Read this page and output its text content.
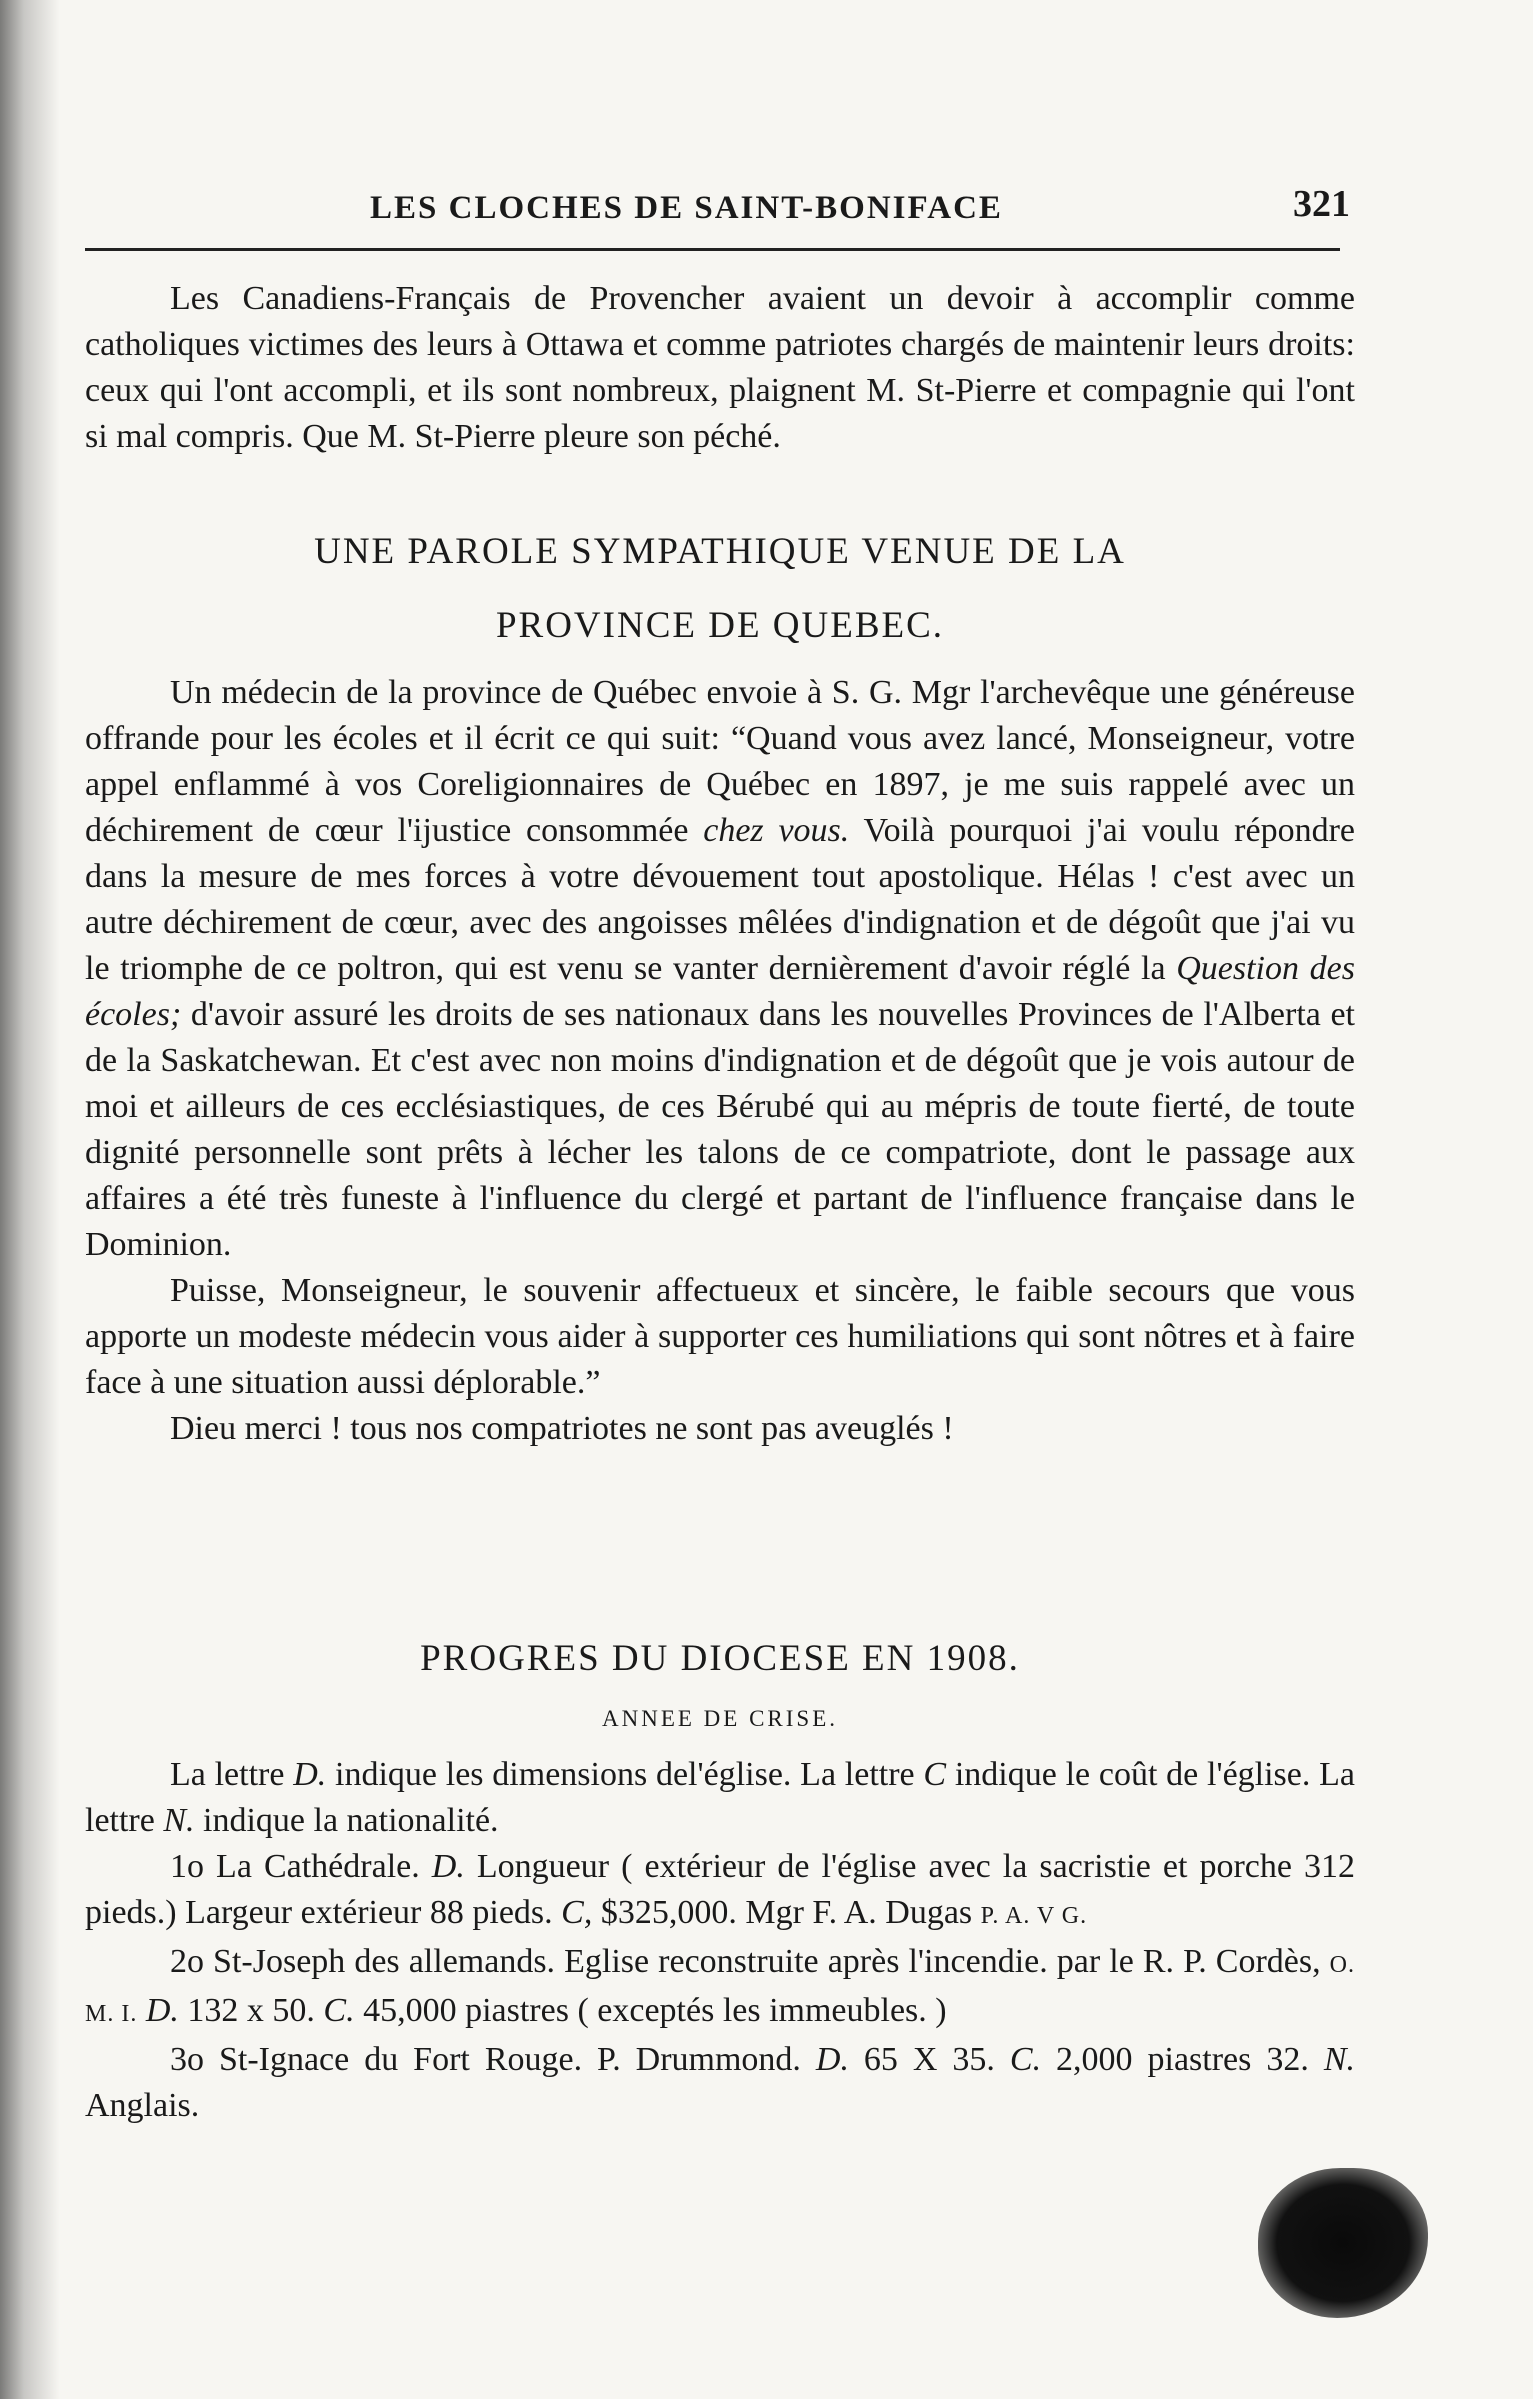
LES CLOCHES DE SAINT-BONIFACE	321

Les Canadiens-Français de Provencher avaient un devoir à accomplir comme catholiques victimes des leurs à Ottawa et comme patriotes chargés de maintenir leurs droits: ceux qui l'ont accompli, et ils sont nombreux, plaignent M. St-Pierre et compagnie qui l'ont si mal compris. Que M. St-Pierre pleure son péché.

UNE PAROLE SYMPATHIQUE VENUE DE LA
PROVINCE DE QUEBEC.

Un médecin de la province de Québec envoie à S. G. Mgr l'archevêque une généreuse offrande pour les écoles et il écrit ce qui suit: “Quand vous avez lancé, Monseigneur, votre appel enflammé à vos Coreligionnaires de Québec en 1897, je me suis rappelé avec un déchirement de cœur l'ijustice consommée chez vous. Voilà pourquoi j'ai voulu répondre dans la mesure de mes forces à votre dévouement tout apostolique. Hélas ! c'est avec un autre déchirement de cœur, avec des angoisses mêlées d'indignation et de dégoût que j'ai vu le triomphe de ce poltron, qui est venu se vanter dernièrement d'avoir réglé la Question des écoles; d'avoir assuré les droits de ses nationaux dans les nouvelles Provinces de l'Alberta et de la Saskatchewan. Et c'est avec non moins d'indignation et de dégoût que je vois autour de moi et ailleurs de ces ecclésiastiques, de ces Bérubé qui au mépris de toute fierté, de toute dignité personnelle sont prêts à lécher les talons de ce compatriote, dont le passage aux affaires a été très funeste à l'influence du clergé et partant de l'influence française dans le Dominion.

Puisse, Monseigneur, le souvenir affectueux et sincère, le faible secours que vous apporte un modeste médecin vous aider à supporter ces humiliations qui sont nôtres et à faire face à une situation aussi déplorable.”

Dieu merci ! tous nos compatriotes ne sont pas aveuglés !

PROGRES DU DIOCESE EN 1908.
ANNEE DE CRISE.

La lettre D. indique les dimensions del'église. La lettre C indique le coût de l'église. La lettre N. indique la nationalité.

1o La Cathédrale. D. Longueur ( extérieur de l'église avec la sacristie et porche 312 pieds.) Largeur extérieur 88 pieds. C, $325,000. Mgr F. A. Dugas P. A. V G.

2o St-Joseph des allemands. Eglise reconstruite après l'incendie. par le R. P. Cordès, O. M. I. D. 132 x 50. C. 45,000 piastres ( exceptés les immeubles. )

3o St-Ignace du Fort Rouge. P. Drummond. D. 65 X 35. C. 2,000 piastres 32. N. Anglais.
